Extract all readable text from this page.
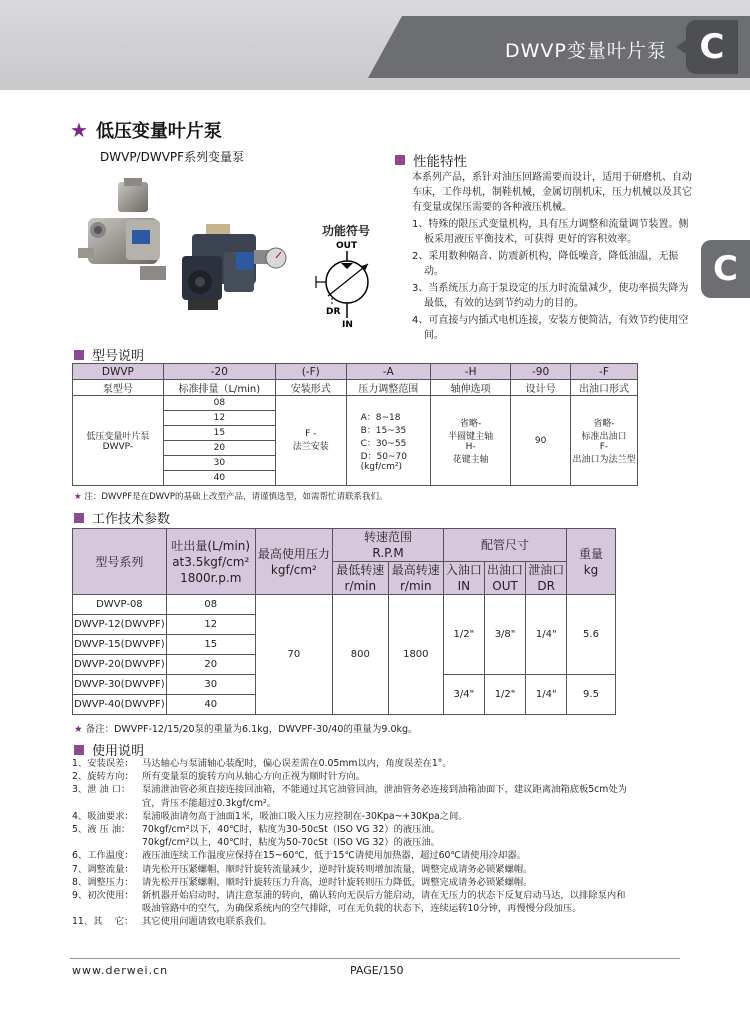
DWVP变量叶片泵 C
C
★ 低压变量叶片泵
DWVP/DWVPF系列变量泵
功能符号
OUT
DR
IN
性能特性

本系列产品，系针对油压回路需要而设计，适用于研磨机、自动车床，工作母机，制鞋机械，金属切削机床，压力机械以及其它有变量或保压需要的各种液压机械。

1、特殊的限压式变量机构，具有压力调整和流量调节装置。侧板采用液压平衡技术，可获得 更好的容积效率。

2、采用数种隔音、防震新机构，降低噪音，降低油温，无振动。

3、当系统压力高于泵设定的压力时流量减少，使功率损失降为最低，有效的达到节约动力的目的。

4、可直接与内插式电机连接，安装方便简洁，有效节约使用空间。

型号说明
DWVP	-20	(-F)	-A	-H	-90	-F
泵型号	标准排量（L/min)	安装形式	压力调整范围	轴伸选项	设计号	出油口形式
低压变量叶片泵
DWVP-	08	F -
法兰安装	A：8~18
B：15~35
C：30~55
D：50~70
(kgf/cm²)	省略-
半圆键主轴
H-
花键主轴	90	省略-
标准出油口
F-
出油口为法兰型
	12					
	15					
	20					
	30					
	40					
★ 注：DWVPF是在DWVP的基础上改型产品，请谨慎选型，如需帮忙请联系我们。
工作技术参数
型号系列	吐出量(L/min)
at3.5kgf/cm²
1800r.p.m	最高使用压力
kgf/cm²	转速范围
R.P.M		配管尺寸			重量
kg
			最低转速
r/min	最高转速
r/min	入油口
IN	出油口
OUT	泄油口
DR	
DWVP-08	08	70	800	1800	1/2"	3/8"	1/4"	5.6
DWVP-12(DWVPF)	12							
DWVP-15(DWVPF)	15							
DWVP-20(DWVPF)	20							
DWVP-30(DWVPF)	30				3/4"	1/2"	1/4"	9.5
DWVP-40(DWVPF)	40							
★ 备注：DWVPF-12/15/20泵的重量为6.1kg，DWVPF-30/40的重量为9.0kg。
使用说明
1、安装误差： 马达轴心与泵浦轴心装配时，偏心误差需在0.05mm以内，角度误差在1°。
2、旋转方向： 所有变量泵的旋转方向从轴心方向正视为顺时针方向。
3、泄 油 口：	泵浦泄油管必须直接连接回油箱，不能通过其它油管回油，泄油管务必连接到油箱油面下，建议距离油箱底板5cm处为宜，背压不能超过0.3kgf/cm²。
4、吸油要求： 泵浦吸油请勿高于油面1米，吸油口吸入压力应控制在-30Kpa~+30Kpa之间。
5、液 压 油：	70kgf/cm²以下，40℃时，粘度为30-50cSt（ISO VG 32）的液压油。
70kgf/cm²以上，40℃时，粘度为50-70cSt（ISO VG 32）的液压油。
6、工作温度： 液压油连续工作温度应保持在15~60℃，低于15℃请使用加热器，超过60℃请使用冷却器。
7、调整流量： 请先松开压紧螺帽，顺时针旋转流量减少，逆时针旋转则增加流量，调整完成请务必锁紧螺帽。
8、调整压力： 请先松开压紧螺帽，顺时针旋转压力升高，逆时针旋转则压力降低，调整完成请务必锁紧螺帽。
9、初次使用： 新机器开始启动时，请注意泵浦的转向，确认转向无误后方能启动，请在无压力的状态下反复启动马达，以排除泵内和吸油管路中的空气，为确保系统内的空气排除，可在无负载的状态下，连续运转10分钟，再慢慢分段加压。
11、其　 它： 其它使用问题请致电联系我们。
www.derwei.cn	PAGE/150
